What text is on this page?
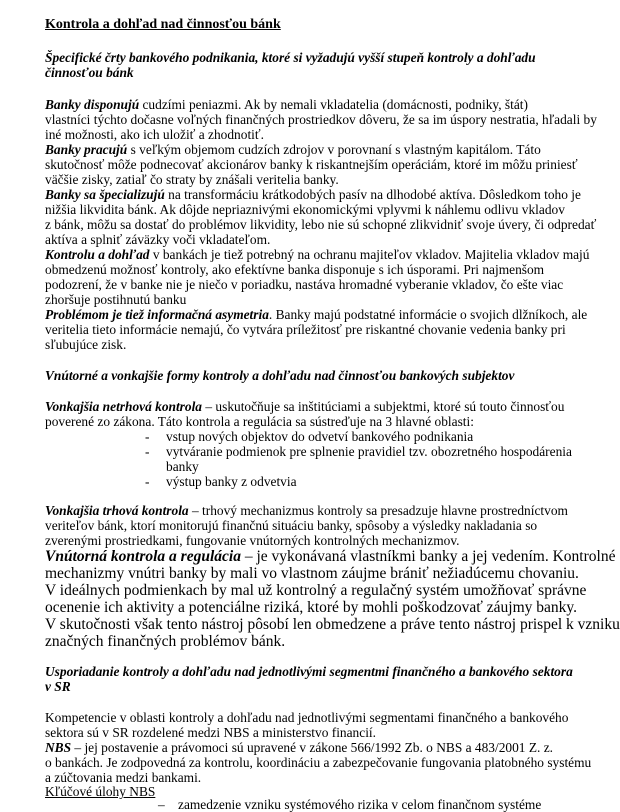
Kontrola a dohľad nad činnosťou bánk
Špecifické črty bankového podnikania, ktoré si vyžadujú vyšší stupeň kontroly a dohľadu
činnosťou bánk
Banky disponujú cudzími peniazmi. Ak by nemali vkladatelia (domácnosti, podniky, štát)
vlastníci týchto dočasne voľných finančných prostriedkov dôveru, že sa im úspory nestratia, hľadali by
iné možnosti, ako ich uložiť a zhodnotiť.
Banky pracujú s veľkým objemom cudzích zdrojov v porovnaní s vlastným kapitálom. Táto
skutočnosť môže podnecovať akcionárov banky k riskantnejším operáciám, ktoré im môžu priniesť
väčšie zisky, zatiaľ čo straty by znášali veritelia banky.
Banky sa špecializujú na transformáciu krátkodobých pasív na dlhodobé aktíva. Dôsledkom toho je
nižšia likvidita bánk. Ak dôjde nepriaznivými ekonomickými vplyvmi k náhlemu odlivu vkladov
z bánk, môžu sa dostať do problémov likvidity, lebo nie sú schopné zlikvidniť svoje úvery, či odpredať
aktíva a splniť záväzky voči vkladateľom.
Kontrolu a dohľad v bankách je tiež potrebný na ochranu majiteľov vkladov. Majitelia vkladov majú
obmedzenú možnosť kontroly, ako efektívne banka disponuje s ich úsporami. Pri najmenšom
podozrení, že v banke nie je niečo v poriadku, nastáva hromadné vyberanie vkladov, čo ešte viac
zhoršuje postihnutú banku
Problémom je tiež informačná asymetria. Banky majú podstatné informácie o svojich dlžníkoch, ale
veritelia tieto informácie nemajú, čo vytvára príležitosť pre riskantné chovanie vedenia banky pri
sľubujúce zisk.
Vnútorné a vonkajšie formy kontroly a dohľadu nad činnosťou bankových subjektov
Vonkajšia netrhová kontrola – uskutočňuje sa inštitúciami a subjektmi, ktoré sú touto činnosťou
poverené zo zákona. Táto kontrola a regulácia sa sústreďuje na 3 hlavné oblasti:
- vstup nových objektov do odvetví bankového podnikania
- vytváranie podmienok pre splnenie pravidiel tzv. obozretného hospodárenia
banky
- výstup banky z odvetvia
Vonkajšia trhová kontrola – trhový mechanizmus kontroly sa presadzuje hlavne prostredníctvom
veriteľov bánk, ktorí monitorujú finančnú situáciu banky, spôsoby a výsledky nakladania so
zverenými prostriedkami, fungovanie vnútorných kontrolných mechanizmov.
Vnútorná kontrola a regulácia – je vykonávaná vlastníkmi banky a jej vedením. Kontrolné
mechanizmy vnútri banky by mali vo vlastnom záujme brániť nežiadúcemu chovaniu.
V ideálnych podmienkach by mal už kontrolný a regulačný systém umožňovať správne
ocenenie ich aktivity a potenciálne riziká, ktoré by mohli poškodzovať záujmy banky.
V skutočnosti však tento nástroj pôsobí len obmedzene a práve tento nástroj prispel k vzniku
značných finančných problémov bánk.
Usporiadanie kontroly a dohľadu nad jednotlivými segmentmi finančného a bankového sektora
v SR
Kompetencie v oblasti kontroly a dohľadu nad jednotlivými segmentami finančného a bankového
sektora sú v SR rozdelené medzi NBS a ministerstvo financií.
NBS – jej postavenie a právomoci sú upravené v zákone 566/1992 Zb. o NBS a 483/2001 Z. z.
o bankách. Je zodpovedná za kontrolu, koordináciu a zabezpečovanie fungovania platobného systému
a zúčtovania medzi bankami.
Kľúčové úlohy NBS
– zamedzenie vzniku systémového rizika v celom finančnom systéme
